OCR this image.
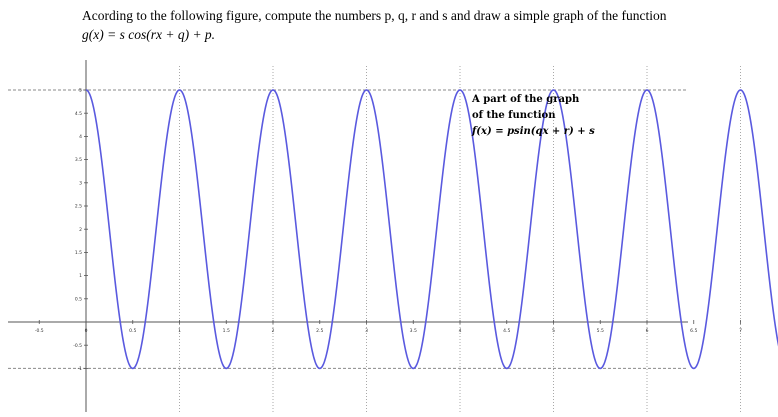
Acording to the following figure, compute the numbers p, q, r and s and draw a simple graph of the function
g(x) = s cos(rx + q) + p.
-0.5	0	0.5	1	1.5	2	2.5	3	3.5	4	4.5	5	5.5	6	6.5	7
-1
-0.5
0.5
1
1.5
2
2.5
3
3.5
4
4.5
5
A part of the graph
of the function
f(x) = psin(qx + r) + s
